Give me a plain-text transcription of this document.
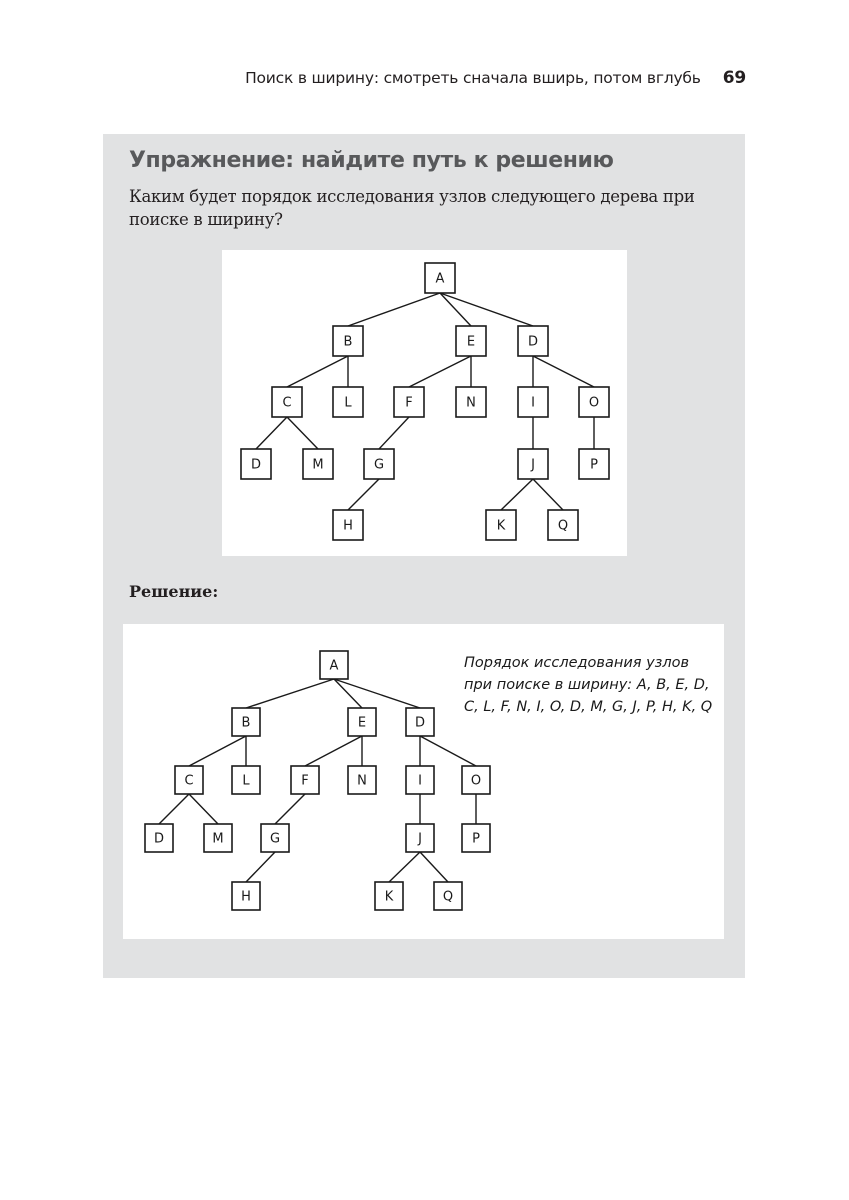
Поиск в ширину: смотреть сначала вширь, потом вглубь 69
Упражнение: найдите путь к решению
Каким будет порядок исследования узлов следующего дерева при поиске в ширину?
A
B	E	D
C	L	F	N	I	O
D	M	G	J	P
H	K	Q
Решение:
A
B	E	D
C	L	F	N	I	O
D	M	G	J	P
H	K	Q
Порядок исследования узлов при поиске в ширину: A, B, E, D, C, L, F, N, I, O, D, M, G, J, P, H, K, Q
